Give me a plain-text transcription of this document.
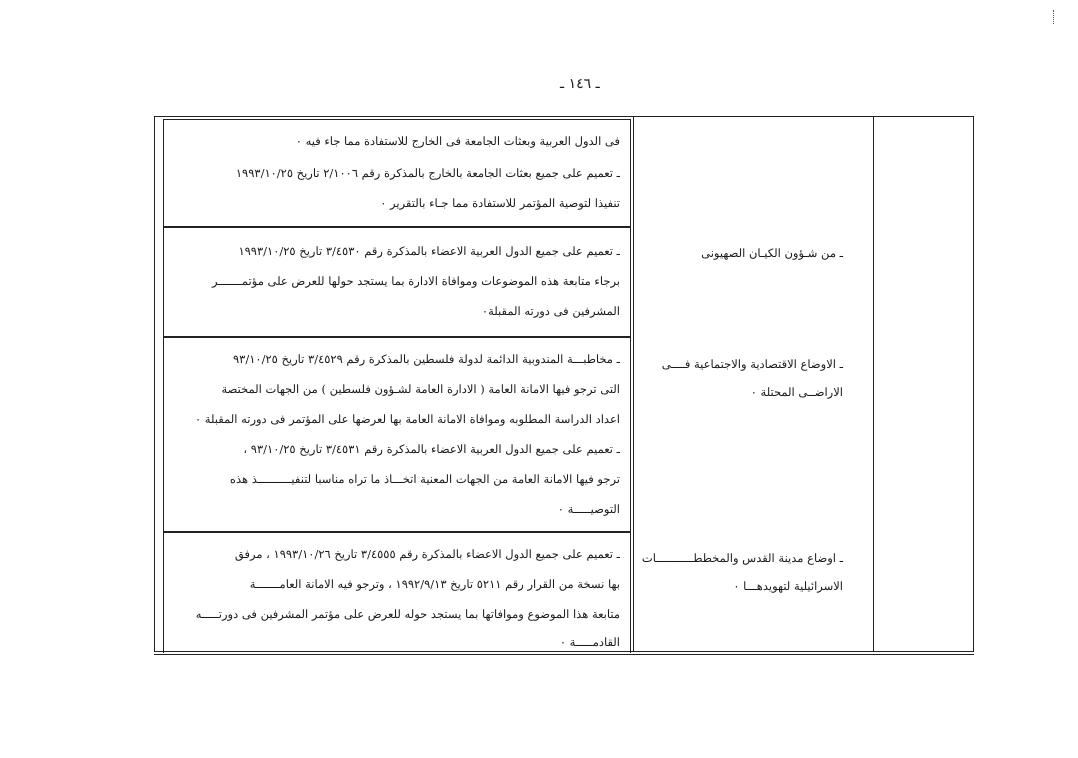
ـ ١٤٦ ـ
فى الدول العربية وبعثات الجامعة فى الخارج للاستفادة مما جاء فيه ٠
ـ تعميم على جميع بعثات الجامعة بالخارج بالمذكرة رقم ٢/١٠٠٦ تاريخ ١٩٩٣/١٠/٢٥
تنفيذا لتوصية المؤتمر للاستفادة مما جـاء بالتقرير ٠
ـ تعميم على جميع الدول العربية الاعضاء بالمذكرة رقم ٣/٤٥٣٠ تاريخ ١٩٩٣/١٠/٢٥
برجاء متابعة هذه الموضوعات وموافاة الادارة بما يستجد حولها للعرض على مؤتمـــــــر
المشرفين فى دورته المقبلة٠
ـ من شـؤون الكيـان الصهيونى
ـ مخاطبـــة المندوبية الدائمة لدولة فلسطين بالمذكرة رقم ٣/٤٥٢٩ تاريخ ٩٣/١٠/٢٥
التى ترجو فيها الامانة العامة ( الادارة العامة لشـؤون فلسطين ) من الجهات المختصة
اعداد الدراسة المطلوبه وموافاة الامانة العامة بها لعرضها على المؤتمر فى دورته المقبلة ٠
ـ تعميم على جميع الدول العربية الاعضاء بالمذكرة رقم ٣/٤٥٣١ تاريخ ٩٣/١٠/٢٥ ،
ترجو فيها الامانة العامة من الجهات المعنية اتخـــاذ ما تراه مناسبا لتنفيــــــــــذ هذه
التوصيـــــة ٠
ـ الاوضاع الاقتصادية والاجتماعية فــــى
الاراضــى المحتلة ٠
ـ تعميم على جميع الدول الاعضاء بالمذكرة رقم ٣/٤٥٥٥ تاريخ ١٩٩٣/١٠/٢٦ ، مرفق
بها نسخة من القرار رقم ٥٢١١ تاريخ ١٩٩٢/٩/١٣ ، وترجو فيه الامانة العامـــــــة
متابعة هذا الموضوع وموافاتها بما يستجد حوله للعرض على مؤتمر المشرفين فى دورتـــــه
القادمـــــة ٠
ـ اوضاع مدينة القدس والمخططـــــــــــات
الاسرائيلية لتهويدهـــا ٠
